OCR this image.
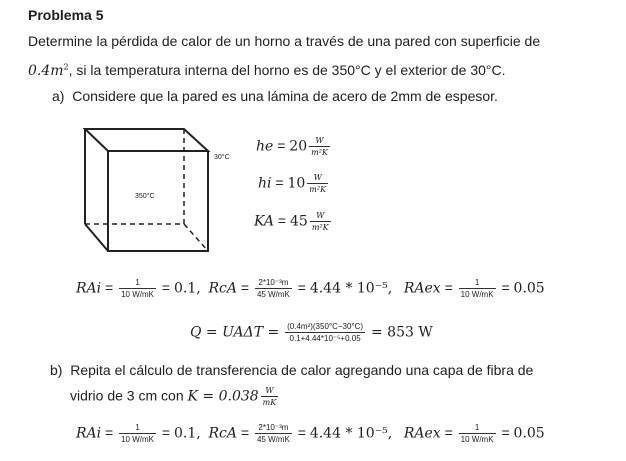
Problema 5
Determine la pérdida de calor de un horno a través de una pared con superficie de
$0.4m^2$, si la temperatura interna del horno es de 350°C y el exterior de 30°C.
a) Considere que la pared es una lámina de acero de 2mm de espesor.
350°C
30°C
he = $20 \frac{W}{\text{m²K}}$
hi = $10 \frac{W}{\text{m²K}}$
KA = $45 \frac{W}{\text{m²K}}$
RAi = $\frac{1}{10 W/mK} = 0.1$, RcA = $\frac{\text{2*10⁻³m}}{45 W/mK} = 4.44 * 10^{-5}$, RAex = $\frac{1}{10 W/mK} = 0.05$
$Q = UA\Delta T = \frac{\text{(0.4m²)(350°C−30°C)}}{\text{0.1+4.44*10⁻⁵+0.05}} = 853$ W
b) Repita el cálculo de transferencia de calor agregando una capa de fibra de
vidrio de 3 cm con $K = 0.038 \frac{W}{mK}$
RAi = $\frac{1}{10 W/mK} = 0.1$, RcA = $\frac{\text{2*10⁻³m}}{45 W/mK} = 4.44 * 10^{-5}$, RAex = $\frac{1}{10 W/mK} = 0.05$
